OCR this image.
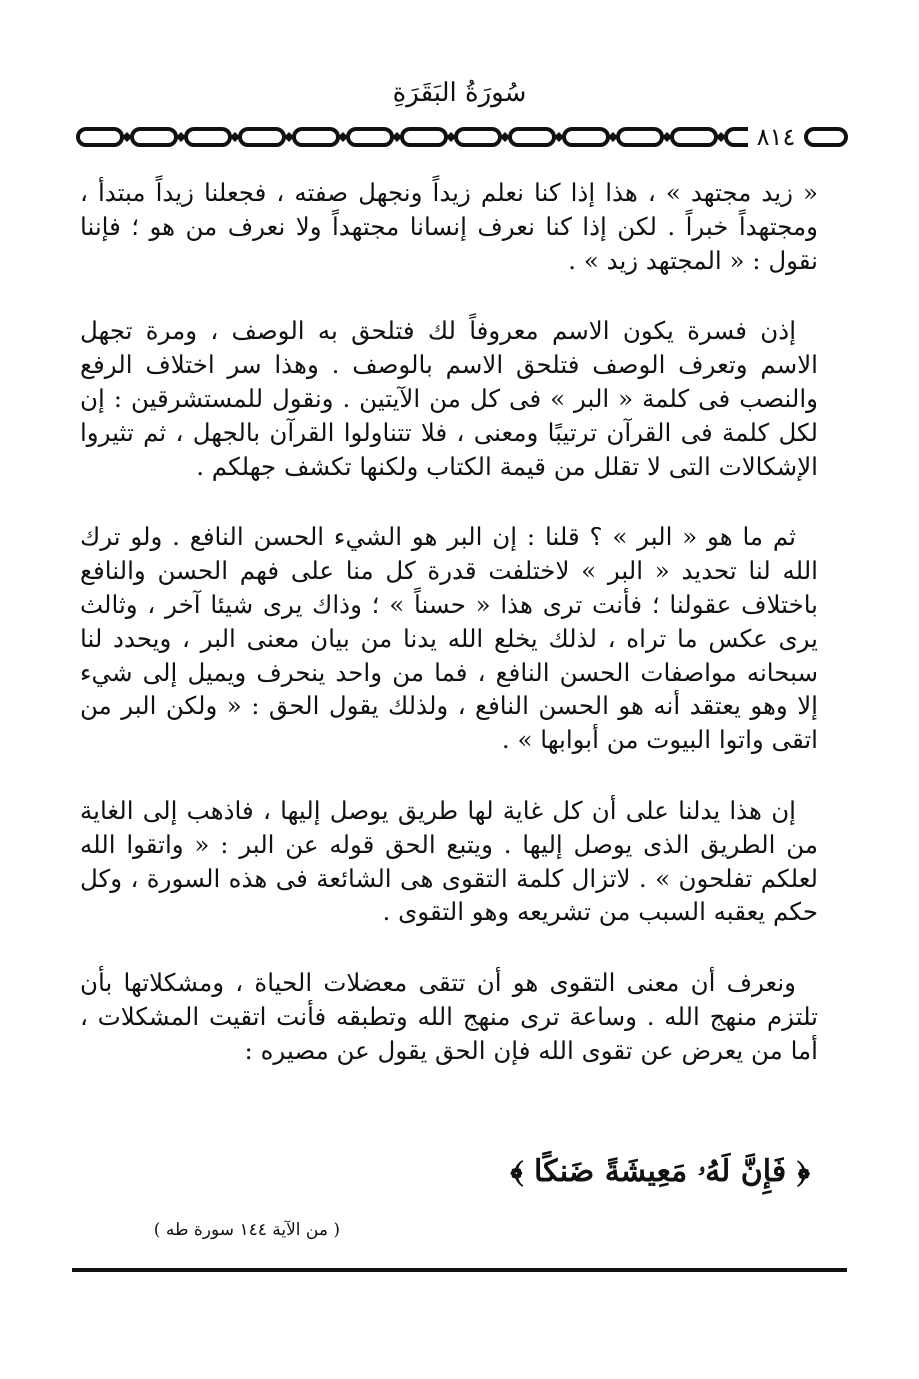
سُورَةُ البَقَرَةِ
٨١٤

« زيد مجتهد » ، هذا إذا كنا نعلم زيداً ونجهل صفته ، فجعلنا زيداً مبتدأ ، ومجتهداً خبراً . لكن إذا كنا نعرف إنسانا مجتهداً ولا نعرف من هو ؛ فإننا نقول : « المجتهد زيد » .

إذن فسرة يكون الاسم معروفاً لك فتلحق به الوصف ، ومرة تجهل الاسم وتعرف الوصف فتلحق الاسم بالوصف . وهذا سر اختلاف الرفع والنصب فى كلمة « البر » فى كل من الآيتين . ونقول للمستشرقين : إن لكل كلمة فى القرآن ترتيبًا ومعنى ، فلا تتناولوا القرآن بالجهل ، ثم تثيروا الإشكالات التى لا تقلل من قيمة الكتاب ولكنها تكشف جهلكم .

ثم ما هو « البر » ؟ قلنا : إن البر هو الشيء الحسن النافع . ولو ترك الله لنا تحديد « البر » لاختلفت قدرة كل منا على فهم الحسن والنافع باختلاف عقولنا ؛ فأنت ترى هذا « حسناً » ؛ وذاك يرى شيئا آخر ، وثالث يرى عكس ما تراه ، لذلك يخلع الله يدنا من بيان معنى البر ، ويحدد لنا سبحانه مواصفات الحسن النافع ، فما من واحد ينحرف ويميل إلى شيء إلا وهو يعتقد أنه هو الحسن النافع ، ولذلك يقول الحق : « ولكن البر من اتقى واتوا البيوت من أبوابها » .

إن هذا يدلنا على أن كل غاية لها طريق يوصل إليها ، فاذهب إلى الغاية من الطريق الذى يوصل إليها . ويتبع الحق قوله عن البر : « واتقوا الله لعلكم تفلحون » . لاتزال كلمة التقوى هى الشائعة فى هذه السورة ، وكل حكم يعقبه السبب من تشريعه وهو التقوى .

ونعرف أن معنى التقوى هو أن تتقى معضلات الحياة ، ومشكلاتها بأن تلتزم منهج الله . وساعة ترى منهج الله وتطبقه فأنت اتقيت المشكلات ، أما من يعرض عن تقوى الله فإن الحق يقول عن مصيره :

﴿ فَإِنَّ لَهُۥ مَعِيشَةً ضَنكًا ﴾
( من الآية ١٤٤ سورة طه )
